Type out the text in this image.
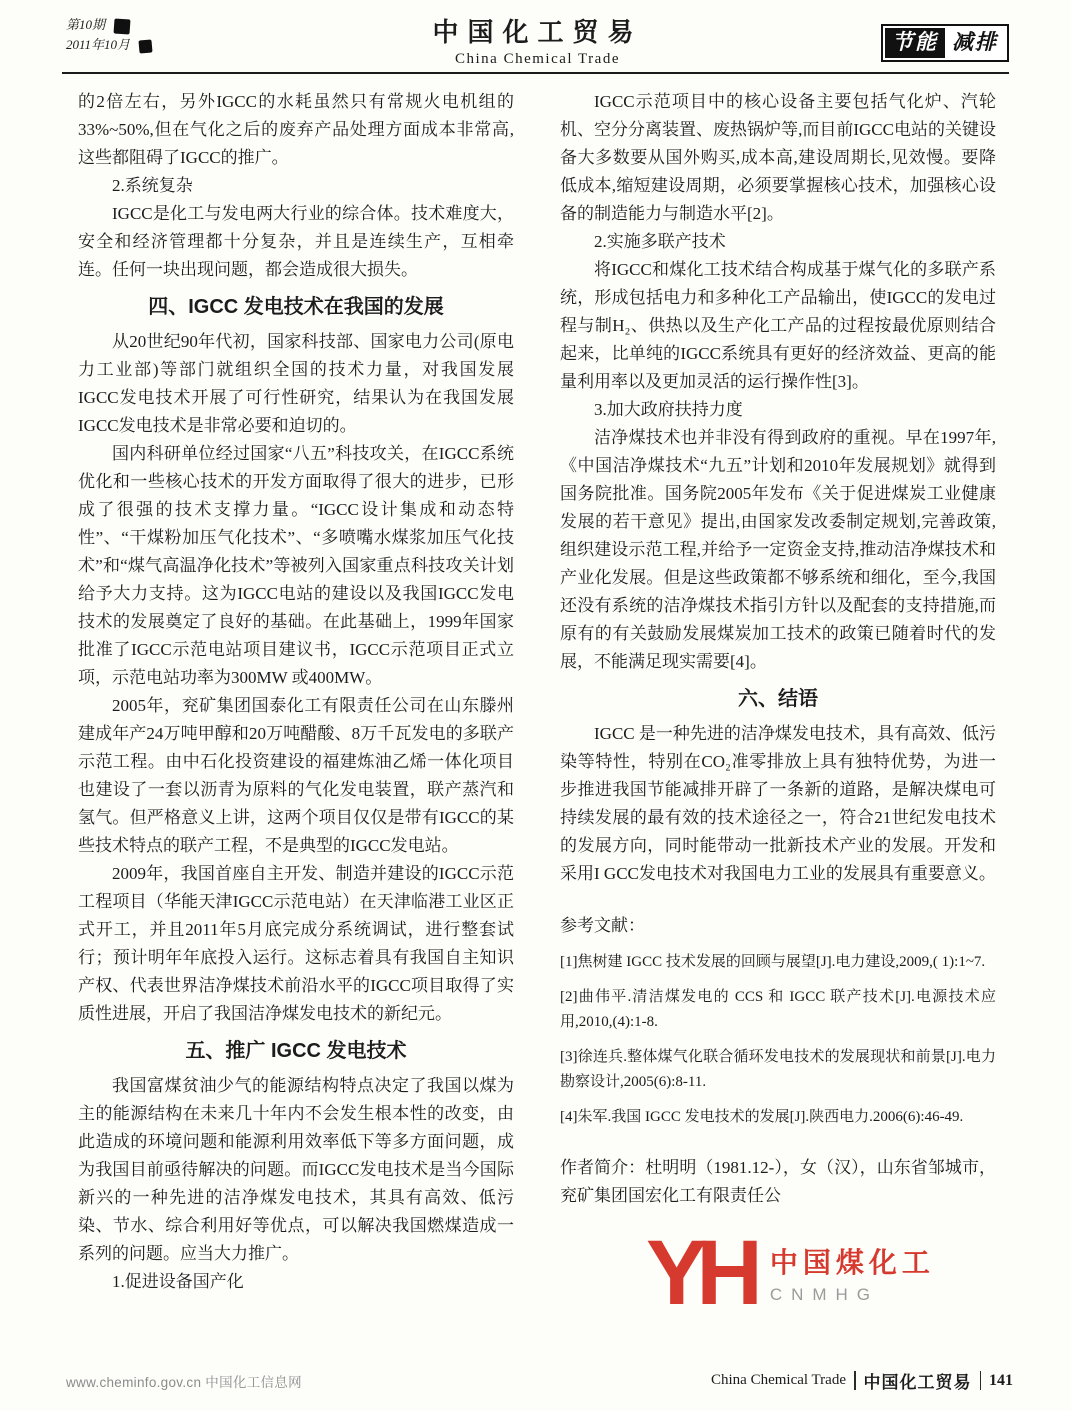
第10期
2011年10月	中国化工贸易
China Chemical Trade
节能 减排
的2倍左右，另外IGCC的水耗虽然只有常规火电机组的33%~50%,但在气化之后的废弃产品处理方面成本非常高,这些都阻碍了IGCC的推广。
2.系统复杂
IGCC是化工与发电两大行业的综合体。技术难度大，安全和经济管理都十分复杂，并且是连续生产，互相牵连。任何一块出现问题，都会造成很大损失。
四、IGCC 发电技术在我国的发展
从20世纪90年代初，国家科技部、国家电力公司(原电力工业部)等部门就组织全国的技术力量，对我国发展IGCC发电技术开展了可行性研究，结果认为在我国发展IGCC发电技术是非常必要和迫切的。
国内科研单位经过国家“八五”科技攻关，在IGCC系统优化和一些核心技术的开发方面取得了很大的进步，已形成了很强的技术支撑力量。“IGCC设计集成和动态特性”、“干煤粉加压气化技术”、“多喷嘴水煤浆加压气化技术”和“煤气高温净化技术”等被列入国家重点科技攻关计划给予大力支持。这为IGCC电站的建设以及我国IGCC发电技术的发展奠定了良好的基础。在此基础上，1999年国家批准了IGCC示范电站项目建议书，IGCC示范项目正式立项，示范电站功率为300MW 或400MW。
2005年，兖矿集团国泰化工有限责任公司在山东滕州建成年产24万吨甲醇和20万吨醋酸、8万千瓦发电的多联产示范工程。由中石化投资建设的福建炼油乙烯一体化项目也建设了一套以沥青为原料的气化发电装置，联产蒸汽和氢气。但严格意义上讲，这两个项目仅仅是带有IGCC的某些技术特点的联产工程，不是典型的IGCC发电站。
2009年，我国首座自主开发、制造并建设的IGCC示范工程项目（华能天津IGCC示范电站）在天津临港工业区正式开工，并且2011年5月底完成分系统调试，进行整套试行；预计明年年底投入运行。这标志着具有我国自主知识产权、代表世界洁净煤技术前沿水平的IGCC项目取得了实质性进展，开启了我国洁净煤发电技术的新纪元。
五、推广 IGCC 发电技术
我国富煤贫油少气的能源结构特点决定了我国以煤为主的能源结构在未来几十年内不会发生根本性的改变，由此造成的环境问题和能源利用效率低下等多方面问题，成为我国目前亟待解决的问题。而IGCC发电技术是当今国际新兴的一种先进的洁净煤发电技术，其具有高效、低污染、节水、综合利用好等优点，可以解决我国燃煤造成一系列的问题。应当大力推广。
1.促进设备国产化
IGCC示范项目中的核心设备主要包括气化炉、汽轮机、空分分离装置、废热锅炉等,而目前IGCC电站的关键设备大多数要从国外购买,成本高,建设周期长,见效慢。要降低成本,缩短建设周期，必须要掌握核心技术，加强核心设备的制造能力与制造水平[2]。
2.实施多联产技术
将IGCC和煤化工技术结合构成基于煤气化的多联产系统，形成包括电力和多种化工产品输出，使IGCC的发电过程与制H₂、供热以及生产化工产品的过程按最优原则结合起来，比单纯的IGCC系统具有更好的经济效益、更高的能量利用率以及更加灵活的运行操作性[3]。
3.加大政府扶持力度
洁净煤技术也并非没有得到政府的重视。早在1997年,《中国洁净煤技术“九五”计划和2010年发展规划》就得到国务院批准。国务院2005年发布《关于促进煤炭工业健康发展的若干意见》提出,由国家发改委制定规划,完善政策,组织建设示范工程,并给予一定资金支持,推动洁净煤技术和产业化发展。但是这些政策都不够系统和细化，至今,我国还没有系统的洁净煤技术指引方针以及配套的支持措施,而原有的有关鼓励发展煤炭加工技术的政策已随着时代的发展，不能满足现实需要[4]。
六、结语
IGCC 是一种先进的洁净煤发电技术，具有高效、低污染等特性，特别在CO₂准零排放上具有独特优势，为进一步推进我国节能减排开辟了一条新的道路，是解决煤电可持续发展的最有效的技术途径之一，符合21世纪发电技术的发展方向，同时能带动一批新技术产业的发展。开发和采用I GCC发电技术对我国电力工业的发展具有重要意义。
参考文献：
[1]焦树建 IGCC 技术发展的回顾与展望[J].电力建设,2009,( 1):1~7.
[2]曲伟平.清洁煤发电的 CCS 和 IGCC 联产技术[J].电源技术应用,2010,(4):1-8.
[3]徐连兵.整体煤气化联合循环发电技术的发展现状和前景[J].电力勘察设计,2005(6):8-11.
[4]朱军.我国 IGCC 发电技术的发展[J].陕西电力.2006(6):46-49.
作者简介：杜明明（1981.12-），女（汉），山东省邹城市，兖矿集团国宏化工有限责任公
YH 中国煤化工
CNMHG
www.cheminfo.gov.cn 中国化工信息网	China Chemical Trade 中国化工贸易 141
